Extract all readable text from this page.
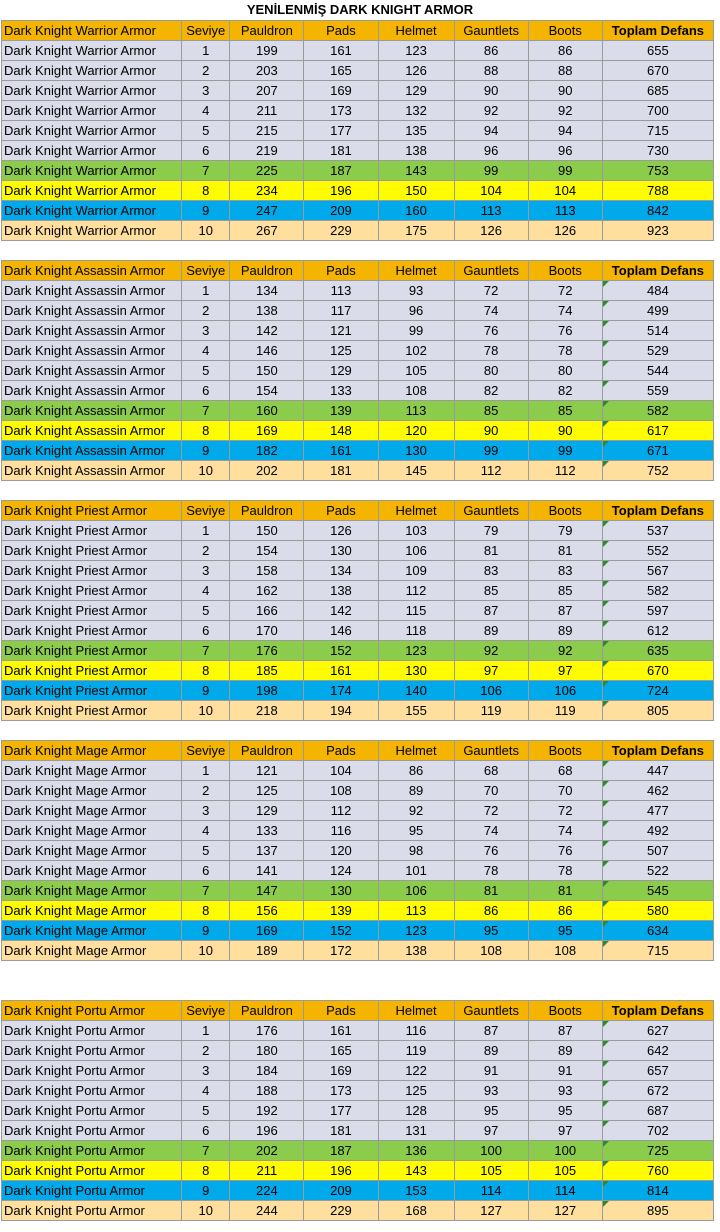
YENİLENMİŞ DARK KNIGHT ARMOR
Dark Knight Warrior Armor	Seviye	Pauldron	Pads	Helmet	Gauntlets	Boots	Toplam Defans
Dark Knight Warrior Armor	1	199	161	123	86	86	655
Dark Knight Warrior Armor	2	203	165	126	88	88	670
Dark Knight Warrior Armor	3	207	169	129	90	90	685
Dark Knight Warrior Armor	4	211	173	132	92	92	700
Dark Knight Warrior Armor	5	215	177	135	94	94	715
Dark Knight Warrior Armor	6	219	181	138	96	96	730
Dark Knight Warrior Armor	7	225	187	143	99	99	753
Dark Knight Warrior Armor	8	234	196	150	104	104	788
Dark Knight Warrior Armor	9	247	209	160	113	113	842
Dark Knight Warrior Armor	10	267	229	175	126	126	923
Dark Knight Assassin Armor	Seviye	Pauldron	Pads	Helmet	Gauntlets	Boots	Toplam Defans
Dark Knight Assassin Armor	1	134	113	93	72	72	484
Dark Knight Assassin Armor	2	138	117	96	74	74	499
Dark Knight Assassin Armor	3	142	121	99	76	76	514
Dark Knight Assassin Armor	4	146	125	102	78	78	529
Dark Knight Assassin Armor	5	150	129	105	80	80	544
Dark Knight Assassin Armor	6	154	133	108	82	82	559
Dark Knight Assassin Armor	7	160	139	113	85	85	582
Dark Knight Assassin Armor	8	169	148	120	90	90	617
Dark Knight Assassin Armor	9	182	161	130	99	99	671
Dark Knight Assassin Armor	10	202	181	145	112	112	752
Dark Knight Priest Armor	Seviye	Pauldron	Pads	Helmet	Gauntlets	Boots	Toplam Defans
Dark Knight Priest Armor	1	150	126	103	79	79	537
Dark Knight Priest Armor	2	154	130	106	81	81	552
Dark Knight Priest Armor	3	158	134	109	83	83	567
Dark Knight Priest Armor	4	162	138	112	85	85	582
Dark Knight Priest Armor	5	166	142	115	87	87	597
Dark Knight Priest Armor	6	170	146	118	89	89	612
Dark Knight Priest Armor	7	176	152	123	92	92	635
Dark Knight Priest Armor	8	185	161	130	97	97	670
Dark Knight Priest Armor	9	198	174	140	106	106	724
Dark Knight Priest Armor	10	218	194	155	119	119	805
Dark Knight Mage Armor	Seviye	Pauldron	Pads	Helmet	Gauntlets	Boots	Toplam Defans
Dark Knight Mage Armor	1	121	104	86	68	68	447
Dark Knight Mage Armor	2	125	108	89	70	70	462
Dark Knight Mage Armor	3	129	112	92	72	72	477
Dark Knight Mage Armor	4	133	116	95	74	74	492
Dark Knight Mage Armor	5	137	120	98	76	76	507
Dark Knight Mage Armor	6	141	124	101	78	78	522
Dark Knight Mage Armor	7	147	130	106	81	81	545
Dark Knight Mage Armor	8	156	139	113	86	86	580
Dark Knight Mage Armor	9	169	152	123	95	95	634
Dark Knight Mage Armor	10	189	172	138	108	108	715
Dark Knight Portu Armor	Seviye	Pauldron	Pads	Helmet	Gauntlets	Boots	Toplam Defans
Dark Knight Portu Armor	1	176	161	116	87	87	627
Dark Knight Portu Armor	2	180	165	119	89	89	642
Dark Knight Portu Armor	3	184	169	122	91	91	657
Dark Knight Portu Armor	4	188	173	125	93	93	672
Dark Knight Portu Armor	5	192	177	128	95	95	687
Dark Knight Portu Armor	6	196	181	131	97	97	702
Dark Knight Portu Armor	7	202	187	136	100	100	725
Dark Knight Portu Armor	8	211	196	143	105	105	760
Dark Knight Portu Armor	9	224	209	153	114	114	814
Dark Knight Portu Armor	10	244	229	168	127	127	895
